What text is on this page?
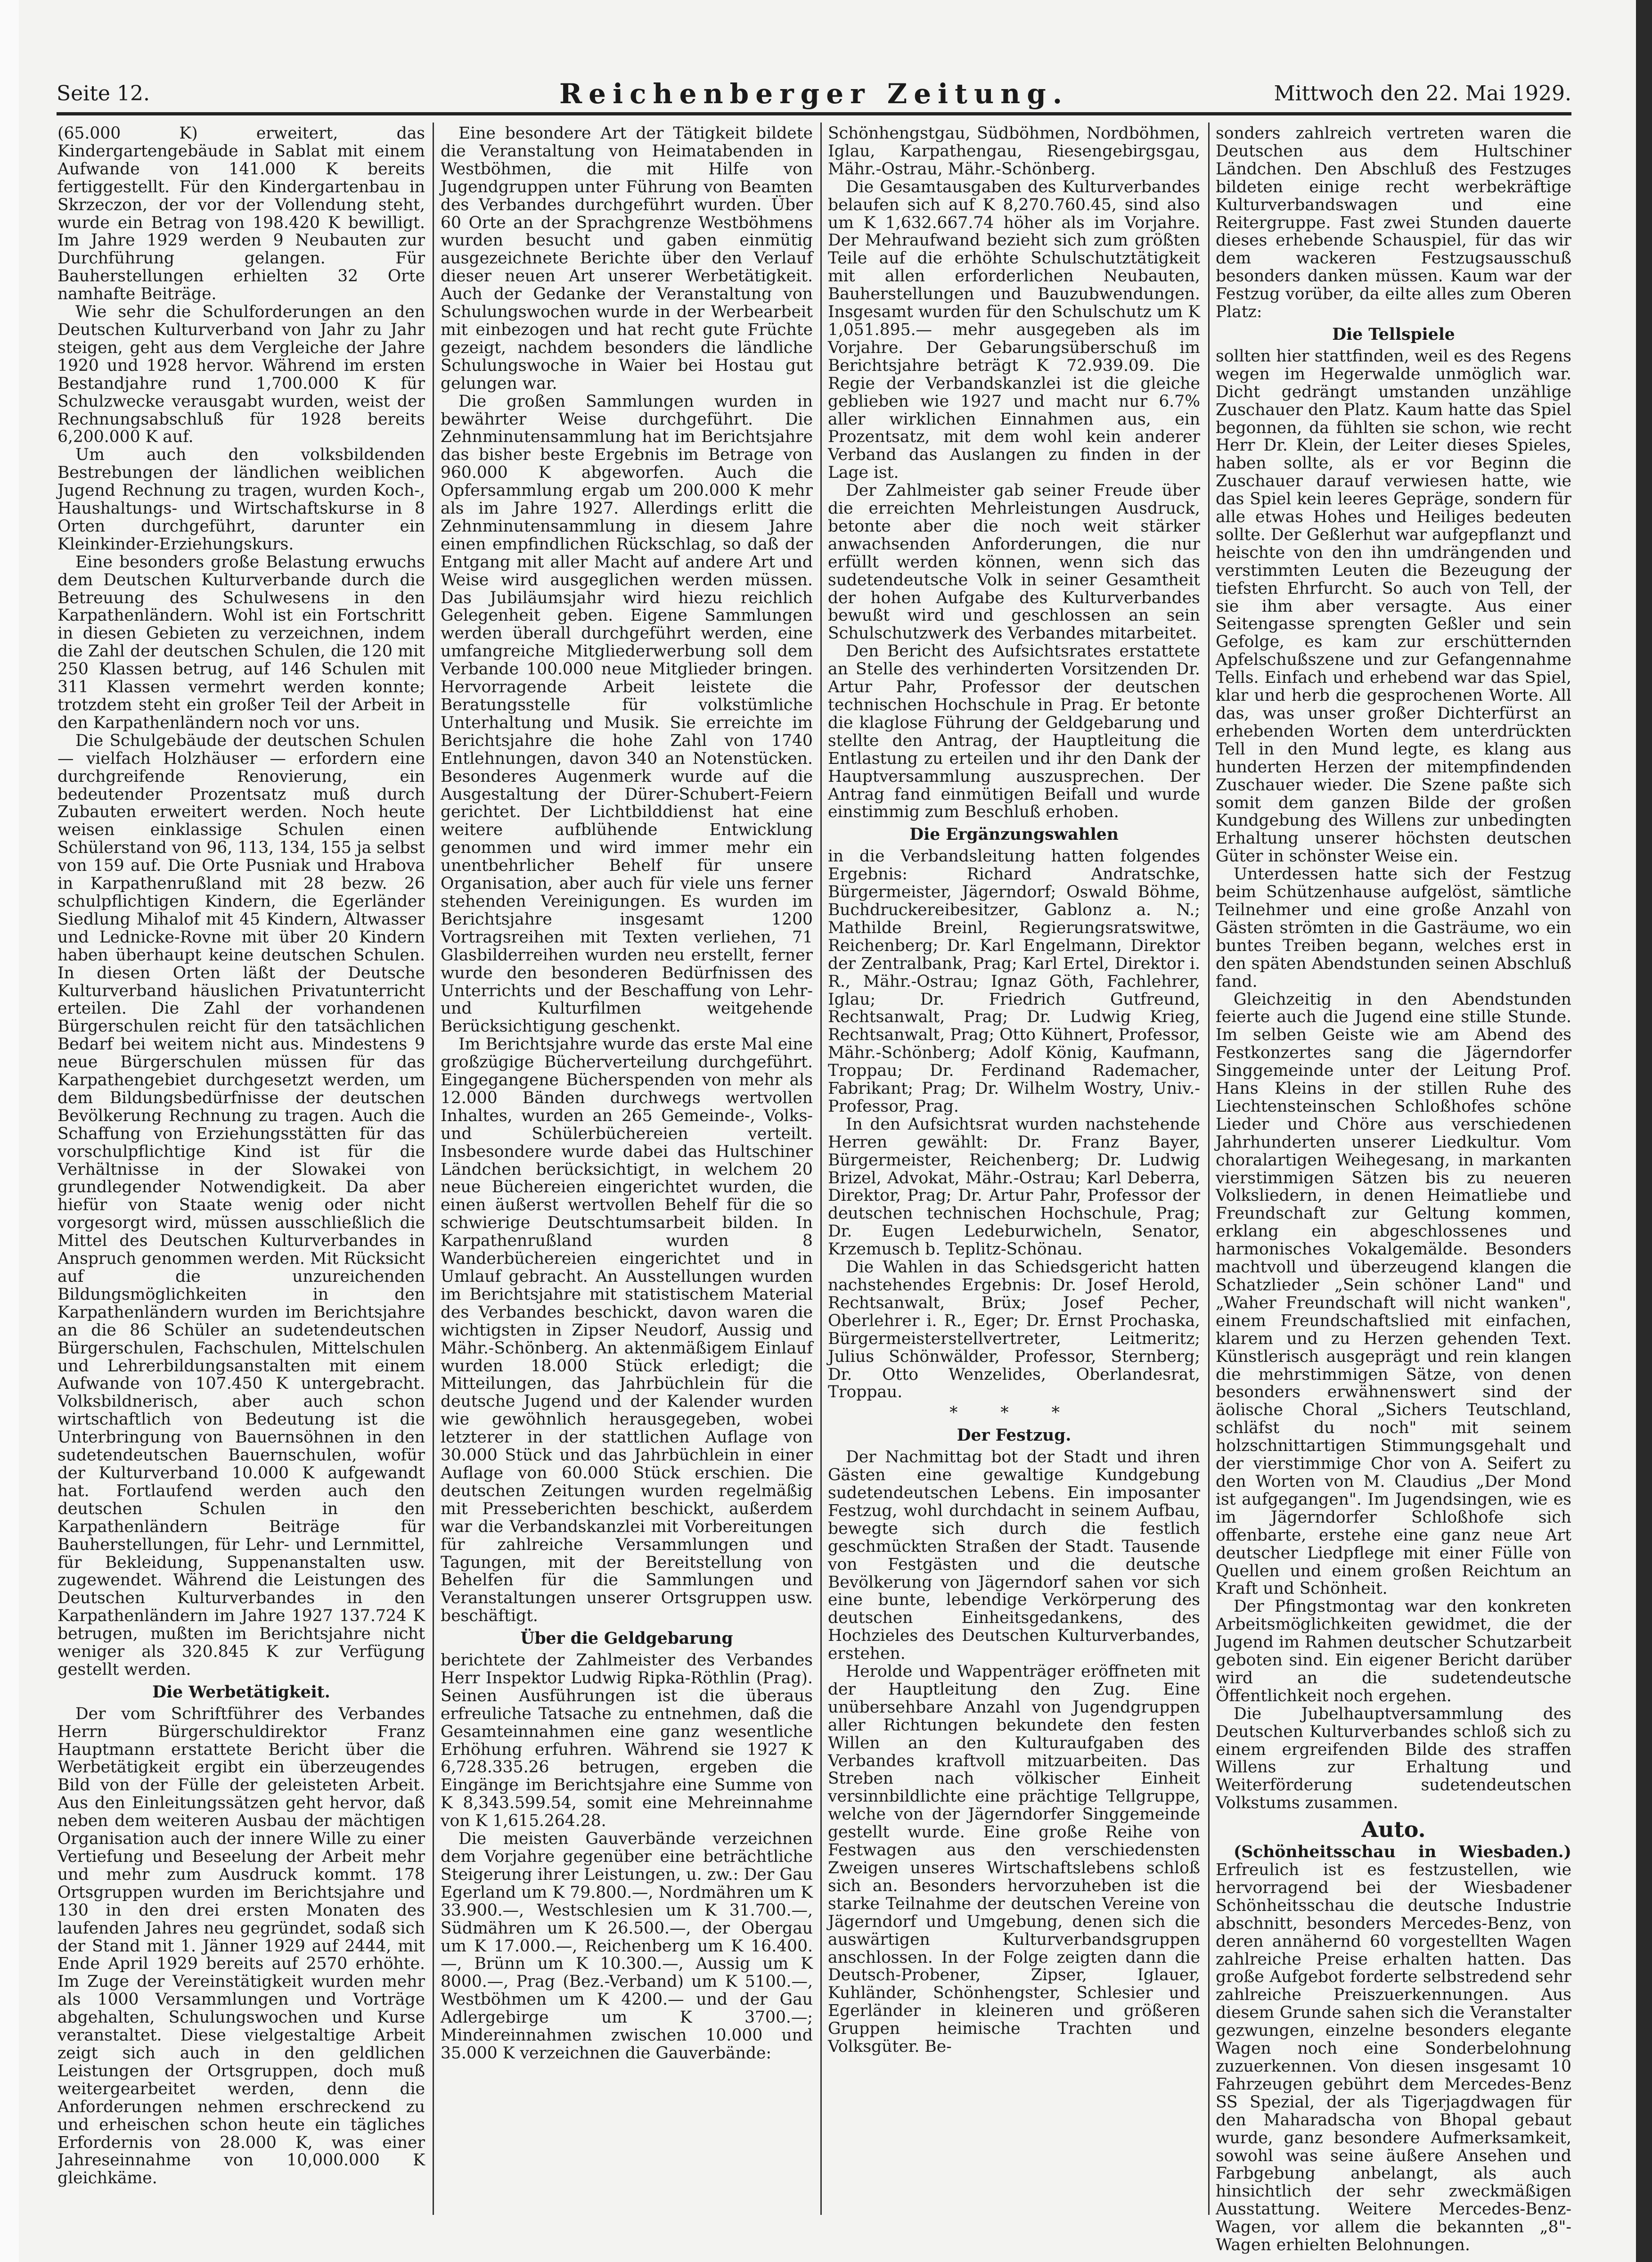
Seite 12.	Reichenberger Zeitung.	Mittwoch den 22. Mai 1929.

(65.000 K) erweitert, das Kindergartengebäude in Sablat mit einem Aufwande von 141.000 K bereits fertiggestellt. Für den Kindergartenbau in Skrzeczon, der vor der Vollendung steht, wurde ein Betrag von 198.420 K bewilligt. Im Jahre 1929 werden 9 Neubauten zur Durchführung gelangen. Für Bauherstellungen erhielten 32 Orte namhafte Beiträge.

Wie sehr die Schulforderungen an den Deutschen Kulturverband von Jahr zu Jahr steigen, geht aus dem Vergleiche der Jahre 1920 und 1928 hervor. Während im ersten Bestandjahre rund 1,700.000 K für Schulzwecke verausgabt wurden, weist der Rechnungsabschluß für 1928 bereits 6,200.000 K auf.

Um auch den volksbildenden Bestrebungen der ländlichen weiblichen Jugend Rechnung zu tragen, wurden Koch-, Haushaltungs- und Wirtschaftskurse in 8 Orten durchgeführt, darunter ein Kleinkinder-Erziehungskurs.

Eine besonders große Belastung erwuchs dem Deutschen Kulturverbande durch die Betreuung des Schulwesens in den Karpathenländern. Wohl ist ein Fortschritt in diesen Gebieten zu verzeichnen, indem die Zahl der deutschen Schulen, die 120 mit 250 Klassen betrug, auf 146 Schulen mit 311 Klassen vermehrt werden konnte; trotzdem steht ein großer Teil der Arbeit in den Karpathenländern noch vor uns.

Die Schulgebäude der deutschen Schulen — vielfach Holzhäuser — erfordern eine durchgreifende Renovierung, ein bedeutender Prozentsatz muß durch Zubauten erweitert werden. Noch heute weisen einklassige Schulen einen Schülerstand von 96, 113, 134, 155 ja selbst von 159 auf. Die Orte Pusniak und Hrabova in Karpathenrußland mit 28 bezw. 26 schulpflichtigen Kindern, die Egerländer Siedlung Mihalof mit 45 Kindern, Altwasser und Lednicke-Rovne mit über 20 Kindern haben überhaupt keine deutschen Schulen. In diesen Orten läßt der Deutsche Kulturverband häuslichen Privatunterricht erteilen. Die Zahl der vorhandenen Bürgerschulen reicht für den tatsächlichen Bedarf bei weitem nicht aus. Mindestens 9 neue Bürgerschulen müssen für das Karpathengebiet durchgesetzt werden, um dem Bildungsbedürfnisse der deutschen Bevölkerung Rechnung zu tragen. Auch die Schaffung von Erziehungsstätten für das vorschulpflichtige Kind ist für die Verhältnisse in der Slowakei von grundlegender Notwendigkeit. Da aber hiefür von Staate wenig oder nicht vorgesorgt wird, müssen ausschließlich die Mittel des Deutschen Kulturverbandes in Anspruch genommen werden. Mit Rücksicht auf die unzureichenden Bildungsmöglichkeiten in den Karpathenländern wurden im Berichtsjahre an die 86 Schüler an sudetendeutschen Bürgerschulen, Fachschulen, Mittelschulen und Lehrerbildungsanstalten mit einem Aufwande von 107.450 K untergebracht. Volksbildnerisch, aber auch schon wirtschaftlich von Bedeutung ist die Unterbringung von Bauernsöhnen in den sudetendeutschen Bauernschulen, wofür der Kulturverband 10.000 K aufgewandt hat. Fortlaufend werden auch den deutschen Schulen in den Karpathenländern Beiträge für Bauherstellungen, für Lehr- und Lernmittel, für Bekleidung, Suppenanstalten usw. zugewendet. Während die Leistungen des Deutschen Kulturverbandes in den Karpathenländern im Jahre 1927 137.724 K betrugen, mußten im Berichtsjahre nicht weniger als 320.845 K zur Verfügung gestellt werden.

Die Werbetätigkeit.

Der vom Schriftführer des Verbandes Herrn Bürgerschuldirektor Franz Hauptmann erstattete Bericht über die Werbetätigkeit ergibt ein überzeugendes Bild von der Fülle der geleisteten Arbeit. Aus den Einleitungssätzen geht hervor, daß neben dem weiteren Ausbau der mächtigen Organisation auch der innere Wille zu einer Vertiefung und Beseelung der Arbeit mehr und mehr zum Ausdruck kommt. 178 Ortsgruppen wurden im Berichtsjahre und 130 in den drei ersten Monaten des laufenden Jahres neu gegründet, sodaß sich der Stand mit 1. Jänner 1929 auf 2444, mit Ende April 1929 bereits auf 2570 erhöhte. Im Zuge der Vereinstätigkeit wurden mehr als 1000 Versammlungen und Vorträge abgehalten, Schulungswochen und Kurse veranstaltet. Diese vielgestaltige Arbeit zeigt sich auch in den geldlichen Leistungen der Ortsgruppen, doch muß weitergearbeitet werden, denn die Anforderungen nehmen erschreckend zu und erheischen schon heute ein tägliches Erfordernis von 28.000 K, was einer Jahreseinnahme von 10,000.000 K gleichkäme.

Eine besondere Art der Tätigkeit bildete die Veranstaltung von Heimatabenden in Westböhmen, die mit Hilfe von Jugendgruppen unter Führung von Beamten des Verbandes durchgeführt wurden. Über 60 Orte an der Sprachgrenze Westböhmens wurden besucht und gaben einmütig ausgezeichnete Berichte über den Verlauf dieser neuen Art unserer Werbetätigkeit. Auch der Gedanke der Veranstaltung von Schulungswochen wurde in der Werbearbeit mit einbezogen und hat recht gute Früchte gezeigt, nachdem besonders die ländliche Schulungswoche in Waier bei Hostau gut gelungen war.

Die großen Sammlungen wurden in bewährter Weise durchgeführt. Die Zehnminutensammlung hat im Berichtsjahre das bisher beste Ergebnis im Betrage von 960.000 K abgeworfen. Auch die Opfersammlung ergab um 200.000 K mehr als im Jahre 1927. Allerdings erlitt die Zehnminutensammlung in diesem Jahre einen empfindlichen Rückschlag, so daß der Entgang mit aller Macht auf andere Art und Weise wird ausgeglichen werden müssen. Das Jubiläumsjahr wird hiezu reichlich Gelegenheit geben. Eigene Sammlungen werden überall durchgeführt werden, eine umfangreiche Mitgliederwerbung soll dem Verbande 100.000 neue Mitglieder bringen. Hervorragende Arbeit leistete die Beratungsstelle für volkstümliche Unterhaltung und Musik. Sie erreichte im Berichtsjahre die hohe Zahl von 1740 Entlehnungen, davon 340 an Notenstücken. Besonderes Augenmerk wurde auf die Ausgestaltung der Dürer-Schubert-Feiern gerichtet. Der Lichtbilddienst hat eine weitere aufblühende Entwicklung genommen und wird immer mehr ein unentbehrlicher Behelf für unsere Organisation, aber auch für viele uns ferner stehenden Vereinigungen. Es wurden im Berichtsjahre insgesamt 1200 Vortragsreihen mit Texten verliehen, 71 Glasbilderreihen wurden neu erstellt, ferner wurde den besonderen Bedürfnissen des Unterrichts und der Beschaffung von Lehr- und Kulturfilmen weitgehende Berücksichtigung geschenkt.

Im Berichtsjahre wurde das erste Mal eine großzügige Bücherverteilung durchgeführt. Eingegangene Bücherspenden von mehr als 12.000 Bänden durchwegs wertvollen Inhaltes, wurden an 265 Gemeinde-, Volks- und Schülerbüchereien verteilt. Insbesondere wurde dabei das Hultschiner Ländchen berücksichtigt, in welchem 20 neue Büchereien eingerichtet wurden, die einen äußerst wertvollen Behelf für die so schwierige Deutschtumsarbeit bilden. In Karpathenrußland wurden 8 Wanderbüchereien eingerichtet und in Umlauf gebracht. An Ausstellungen wurden im Berichtsjahre mit statistischem Material des Verbandes beschickt, davon waren die wichtigsten in Zipser Neudorf, Aussig und Mähr.-Schönberg. An aktenmäßigem Einlauf wurden 18.000 Stück erledigt; die Mitteilungen, das Jahrbüchlein für die deutsche Jugend und der Kalender wurden wie gewöhnlich herausgegeben, wobei letzterer in der stattlichen Auflage von 30.000 Stück und das Jahrbüchlein in einer Auflage von 60.000 Stück erschien. Die deutschen Zeitungen wurden regelmäßig mit Presseberichten beschickt, außerdem war die Verbandskanzlei mit Vorbereitungen für zahlreiche Versammlungen und Tagungen, mit der Bereitstellung von Behelfen für die Sammlungen und Veranstaltungen unserer Ortsgruppen usw. beschäftigt.

Über die Geldgebarung

berichtete der Zahlmeister des Verbandes Herr Inspektor Ludwig Ripka-Röthlin (Prag). Seinen Ausführungen ist die überaus erfreuliche Tatsache zu entnehmen, daß die Gesamteinnahmen eine ganz wesentliche Erhöhung erfuhren. Während sie 1927 K 6,728.335.26 betrugen, ergeben die Eingänge im Berichtsjahre eine Summe von K 8,343.599.54, somit eine Mehreinnahme von K 1,615.264.28.

Die meisten Gauverbände verzeichnen dem Vorjahre gegenüber eine beträchtliche Steigerung ihrer Leistungen, u. zw.: Der Gau Egerland um K 79.800.—, Nordmähren um K 33.900.—, Westschlesien um K 31.700.—, Südmähren um K 26.500.—, der Obergau um K 17.000.—, Reichenberg um K 16.400.—, Brünn um K 10.300.—, Aussig um K 8000.—, Prag (Bez.-Verband) um K 5100.—, Westböhmen um K 4200.— und der Gau Adlergebirge um K 3700.—; Mindereinnahmen zwischen 10.000 und 35.000 K verzeichnen die Gauverbände:

Schönhengstgau, Südböhmen, Nordböhmen, Iglau, Karpathengau, Riesengebirgsgau, Mähr.-Ostrau, Mähr.-Schönberg.

Die Gesamtausgaben des Kulturverbandes belaufen sich auf K 8,270.760.45, sind also um K 1,632.667.74 höher als im Vorjahre. Der Mehraufwand bezieht sich zum größten Teile auf die erhöhte Schulschutztätigkeit mit allen erforderlichen Neubauten, Bauherstellungen und Bauzubwendungen. Insgesamt wurden für den Schulschutz um K 1,051.895.— mehr ausgegeben als im Vorjahre. Der Gebarungsüberschuß im Berichtsjahre beträgt K 72.939.09. Die Regie der Verbandskanzlei ist die gleiche geblieben wie 1927 und macht nur 6.7% aller wirklichen Einnahmen aus, ein Prozentsatz, mit dem wohl kein anderer Verband das Auslangen zu finden in der Lage ist.

Der Zahlmeister gab seiner Freude über die erreichten Mehrleistungen Ausdruck, betonte aber die noch weit stärker anwachsenden Anforderungen, die nur erfüllt werden können, wenn sich das sudetendeutsche Volk in seiner Gesamtheit der hohen Aufgabe des Kulturverbandes bewußt wird und geschlossen an sein Schulschutzwerk des Verbandes mitarbeitet.

Den Bericht des Aufsichtsrates erstattete an Stelle des verhinderten Vorsitzenden Dr. Artur Pahr, Professor der deutschen technischen Hochschule in Prag. Er betonte die klaglose Führung der Geldgebarung und stellte den Antrag, der Hauptleitung die Entlastung zu erteilen und ihr den Dank der Hauptversammlung auszusprechen. Der Antrag fand einmütigen Beifall und wurde einstimmig zum Beschluß erhoben.

Die Ergänzungswahlen

in die Verbandsleitung hatten folgendes Ergebnis: Richard Andratschke, Bürgermeister, Jägerndorf; Oswald Böhme, Buchdruckereibesitzer, Gablonz a. N.; Mathilde Breinl, Regierungsratswitwe, Reichenberg; Dr. Karl Engelmann, Direktor der Zentralbank, Prag; Karl Ertel, Direktor i. R., Mähr.-Ostrau; Ignaz Göth, Fachlehrer, Iglau; Dr. Friedrich Gutfreund, Rechtsanwalt, Prag; Dr. Ludwig Krieg, Rechtsanwalt, Prag; Otto Kühnert, Professor, Mähr.-Schönberg; Adolf König, Kaufmann, Troppau; Dr. Ferdinand Rademacher, Fabrikant; Prag; Dr. Wilhelm Wostry, Univ.-Professor, Prag.

In den Aufsichtsrat wurden nachstehende Herren gewählt: Dr. Franz Bayer, Bürgermeister, Reichenberg; Dr. Ludwig Brizel, Advokat, Mähr.-Ostrau; Karl Deberra, Direktor, Prag; Dr. Artur Pahr, Professor der deutschen technischen Hochschule, Prag; Dr. Eugen Ledeburwicheln, Senator, Krzemusch b. Teplitz-Schönau.

Die Wahlen in das Schiedsgericht hatten nachstehendes Ergebnis: Dr. Josef Herold, Rechtsanwalt, Brüx; Josef Pecher, Oberlehrer i. R., Eger; Dr. Ernst Prochaska, Bürgermeisterstellvertreter, Leitmeritz; Julius Schönwälder, Professor, Sternberg; Dr. Otto Wenzelides, Oberlandesrat, Troppau.

* * *

Der Festzug.

Der Nachmittag bot der Stadt und ihren Gästen eine gewaltige Kundgebung sudetendeutschen Lebens. Ein imposanter Festzug, wohl durchdacht in seinem Aufbau, bewegte sich durch die festlich geschmückten Straßen der Stadt. Tausende von Festgästen und die deutsche Bevölkerung von Jägerndorf sahen vor sich eine bunte, lebendige Verkörperung des deutschen Einheitsgedankens, des Hochzieles des Deutschen Kulturverbandes, erstehen.

Herolde und Wappenträger eröffneten mit der Hauptleitung den Zug. Eine unübersehbare Anzahl von Jugendgruppen aller Richtungen bekundete den festen Willen an den Kulturaufgaben des Verbandes kraftvoll mitzuarbeiten. Das Streben nach völkischer Einheit versinnbildlichte eine prächtige Tellgruppe, welche von der Jägerndorfer Singgemeinde gestellt wurde. Eine große Reihe von Festwagen aus den verschiedensten Zweigen unseres Wirtschaftslebens schloß sich an. Besonders hervorzuheben ist die starke Teilnahme der deutschen Vereine von Jägerndorf und Umgebung, denen sich die auswärtigen Kulturverbandsgruppen anschlossen. In der Folge zeigten dann die Deutsch-Probener, Zipser, Iglauer, Kuhländer, Schönhengster, Schlesier und Egerländer in kleineren und größeren Gruppen heimische Trachten und Volksgüter. Be-

sonders zahlreich vertreten waren die Deutschen aus dem Hultschiner Ländchen. Den Abschluß des Festzuges bildeten einige recht werbekräftige Kulturverbandswagen und eine Reitergruppe. Fast zwei Stunden dauerte dieses erhebende Schauspiel, für das wir dem wackeren Festzugsausschuß besonders danken müssen. Kaum war der Festzug vorüber, da eilte alles zum Oberen Platz:

Die Tellspiele

sollten hier stattfinden, weil es des Regens wegen im Hegerwalde unmöglich war. Dicht gedrängt umstanden unzählige Zuschauer den Platz. Kaum hatte das Spiel begonnen, da fühlten sie schon, wie recht Herr Dr. Klein, der Leiter dieses Spieles, haben sollte, als er vor Beginn die Zuschauer darauf verwiesen hatte, wie das Spiel kein leeres Gepräge, sondern für alle etwas Hohes und Heiliges bedeuten sollte. Der Geßlerhut war aufgepflanzt und heischte von den ihn umdrängenden und verstimmten Leuten die Bezeugung der tiefsten Ehrfurcht. So auch von Tell, der sie ihm aber versagte. Aus einer Seitengasse sprengten Geßler und sein Gefolge, es kam zur erschütternden Apfelschußszene und zur Gefangennahme Tells. Einfach und erhebend war das Spiel, klar und herb die gesprochenen Worte. All das, was unser großer Dichterfürst an erhebenden Worten dem unterdrückten Tell in den Mund legte, es klang aus hunderten Herzen der mitempfindenden Zuschauer wieder. Die Szene paßte sich somit dem ganzen Bilde der großen Kundgebung des Willens zur unbedingten Erhaltung unserer höchsten deutschen Güter in schönster Weise ein.

Unterdessen hatte sich der Festzug beim Schützenhause aufgelöst, sämtliche Teilnehmer und eine große Anzahl von Gästen strömten in die Gasträume, wo ein buntes Treiben begann, welches erst in den späten Abendstunden seinen Abschluß fand.

Gleichzeitig in den Abendstunden feierte auch die Jugend eine stille Stunde. Im selben Geiste wie am Abend des Festkonzertes sang die Jägerndorfer Singgemeinde unter der Leitung Prof. Hans Kleins in der stillen Ruhe des Liechtensteinschen Schloßhofes schöne Lieder und Chöre aus verschiedenen Jahrhunderten unserer Liedkultur. Vom choralartigen Weihegesang, in markanten vierstimmigen Sätzen bis zu neueren Volksliedern, in denen Heimatliebe und Freundschaft zur Geltung kommen, erklang ein abgeschlossenes und harmonisches Vokalgemälde. Besonders machtvoll und überzeugend klangen die Schatzlieder „Sein schöner Land" und „Waher Freundschaft will nicht wanken", einem Freundschaftslied mit einfachen, klarem und zu Herzen gehenden Text. Künstlerisch ausgeprägt und rein klangen die mehrstimmigen Sätze, von denen besonders erwähnenswert sind der äolische Choral „Sichers Teutschland, schläfst du noch" mit seinem holzschnittartigen Stimmungsgehalt und der vierstimmige Chor von A. Seifert zu den Worten von M. Claudius „Der Mond ist aufgegangen". Im Jugendsingen, wie es im Jägerndorfer Schloßhofe sich offenbarte, erstehe eine ganz neue Art deutscher Liedpflege mit einer Fülle von Quellen und einem großen Reichtum an Kraft und Schönheit.

Der Pfingstmontag war den konkreten Arbeitsmöglichkeiten gewidmet, die der Jugend im Rahmen deutscher Schutzarbeit geboten sind. Ein eigener Bericht darüber wird an die sudetendeutsche Öffentlichkeit noch ergehen.

Die Jubelhauptversammlung des Deutschen Kulturverbandes schloß sich zu einem ergreifenden Bilde des straffen Willens zur Erhaltung und Weiterförderung sudetendeutschen Volkstums zusammen.

Auto.

(Schönheitsschau in Wiesbaden.) Erfreulich ist es festzustellen, wie hervorragend bei der Wiesbadener Schönheitsschau die deutsche Industrie abschnitt, besonders Mercedes-Benz, von deren annähernd 60 vorgestellten Wagen zahlreiche Preise erhalten hatten. Das große Aufgebot forderte selbstredend sehr zahlreiche Preiszuerkennungen. Aus diesem Grunde sahen sich die Veranstalter gezwungen, einzelne besonders elegante Wagen noch eine Sonderbelohnung zuzuerkennen. Von diesen insgesamt 10 Fahrzeugen gebührt dem Mercedes-Benz SS Spezial, der als Tigerjagdwagen für den Maharadscha von Bhopal gebaut wurde, ganz besondere Aufmerksamkeit, sowohl was seine äußere Ansehen und Farbgebung anbelangt, als auch hinsichtlich der sehr zweckmäßigen Ausstattung. Weitere Mercedes-Benz-Wagen, vor allem die bekannten „8"-Wagen erhielten Belohnungen.
